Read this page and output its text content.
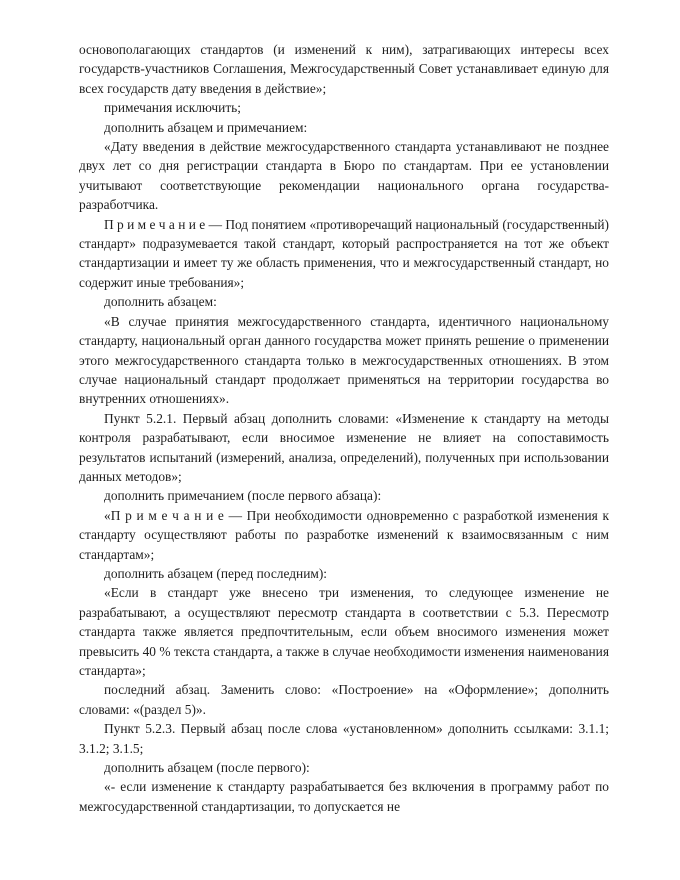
основополагающих стандартов (и изменений к ним), затрагивающих интересы всех государств-участников Соглашения, Межгосударственный Совет устанавливает единую для всех государств дату введения в действие»;

примечания исключить;

дополнить абзацем и примечанием:

«Дату введения в действие межгосударственного стандарта устанавливают не позднее двух лет со дня регистрации стандарта в Бюро по стандартам. При ее установлении учитывают соответствующие рекомендации национального органа государства-разработчика.

П р и м е ч а н и е — Под понятием «противоречащий национальный (государственный) стандарт» подразумевается такой стандарт, который распространяется на тот же объект стандартизации и имеет ту же область применения, что и межгосударственный стандарт, но содержит иные требования»;

дополнить абзацем:

«В случае принятия межгосударственного стандарта, идентичного национальному стандарту, национальный орган данного государства может принять решение о применении этого межгосударственного стандарта только в межгосударственных отношениях. В этом случае национальный стандарт продолжает применяться на территории государства во внутренних отношениях».

Пункт 5.2.1. Первый абзац дополнить словами: «Изменение к стандарту на методы контроля разрабатывают, если вносимое изменение не влияет на сопоставимость результатов испытаний (измерений, анализа, определений), полученных при использовании данных методов»;

дополнить примечанием (после первого абзаца):

«П р и м е ч а н и е — При необходимости одновременно с разработкой изменения к стандарту осуществляют работы по разработке изменений к взаимосвязанным с ним стандартам»;

дополнить абзацем (перед последним):

«Если в стандарт уже внесено три изменения, то следующее изменение не разрабатывают, а осуществляют пересмотр стандарта в соответствии с 5.3. Пересмотр стандарта также является предпочтительным, если объем вносимого изменения может превысить 40 % текста стандарта, а также в случае необходимости изменения наименования стандарта»;

последний абзац. Заменить слово: «Построение» на «Оформление»; дополнить словами: «(раздел 5)».

Пункт 5.2.3. Первый абзац после слова «установленном» дополнить ссылками: 3.1.1; 3.1.2; 3.1.5;

дополнить абзацем (после первого):

«- если изменение к стандарту разрабатывается без включения в программу работ по межгосударственной стандартизации, то допускается не
